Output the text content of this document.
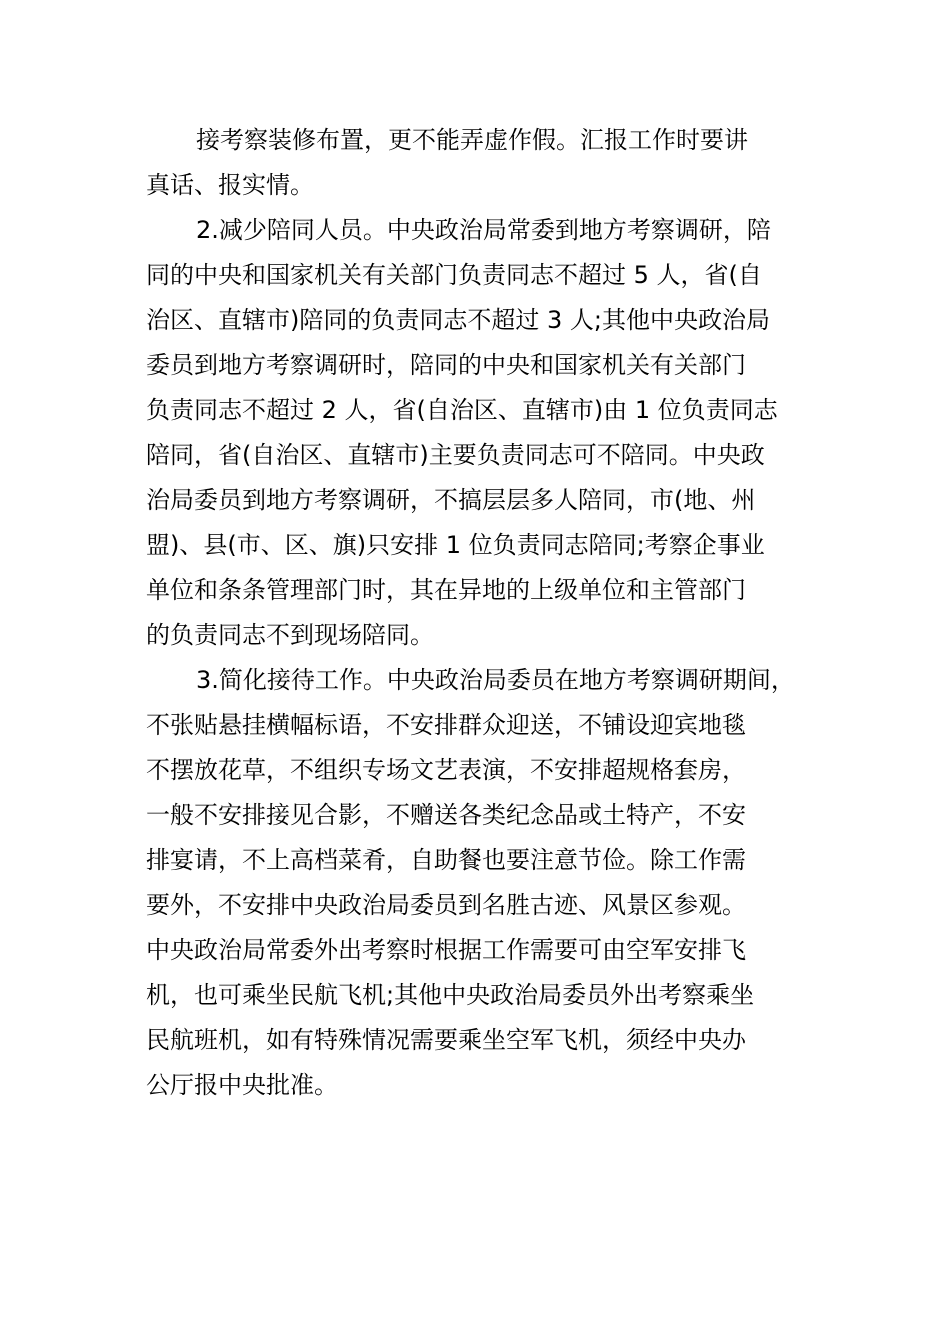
接考察装修布置，更不能弄虚作假。汇报工作时要讲
真话、报实情。
2.减少陪同人员。中央政治局常委到地方考察调研，陪
同的中央和国家机关有关部门负责同志不超过 5 人，省(自
治区、直辖市)陪同的负责同志不超过 3 人;其他中央政治局
委员到地方考察调研时，陪同的中央和国家机关有关部门
负责同志不超过 2 人，省(自治区、直辖市)由 1 位负责同志
陪同，省(自治区、直辖市)主要负责同志可不陪同。中央政
治局委员到地方考察调研，不搞层层多人陪同，市(地、州
盟)、县(市、区、旗)只安排 1 位负责同志陪同;考察企事业
单位和条条管理部门时，其在异地的上级单位和主管部门
的负责同志不到现场陪同。
3.简化接待工作。中央政治局委员在地方考察调研期间，
不张贴悬挂横幅标语，不安排群众迎送，不铺设迎宾地毯
不摆放花草，不组织专场文艺表演，不安排超规格套房，
一般不安排接见合影，不赠送各类纪念品或土特产，不安
排宴请，不上高档菜肴，自助餐也要注意节俭。除工作需
要外，不安排中央政治局委员到名胜古迹、风景区参观。
中央政治局常委外出考察时根据工作需要可由空军安排飞
机，也可乘坐民航飞机;其他中央政治局委员外出考察乘坐
民航班机，如有特殊情况需要乘坐空军飞机，须经中央办
公厅报中央批准。
